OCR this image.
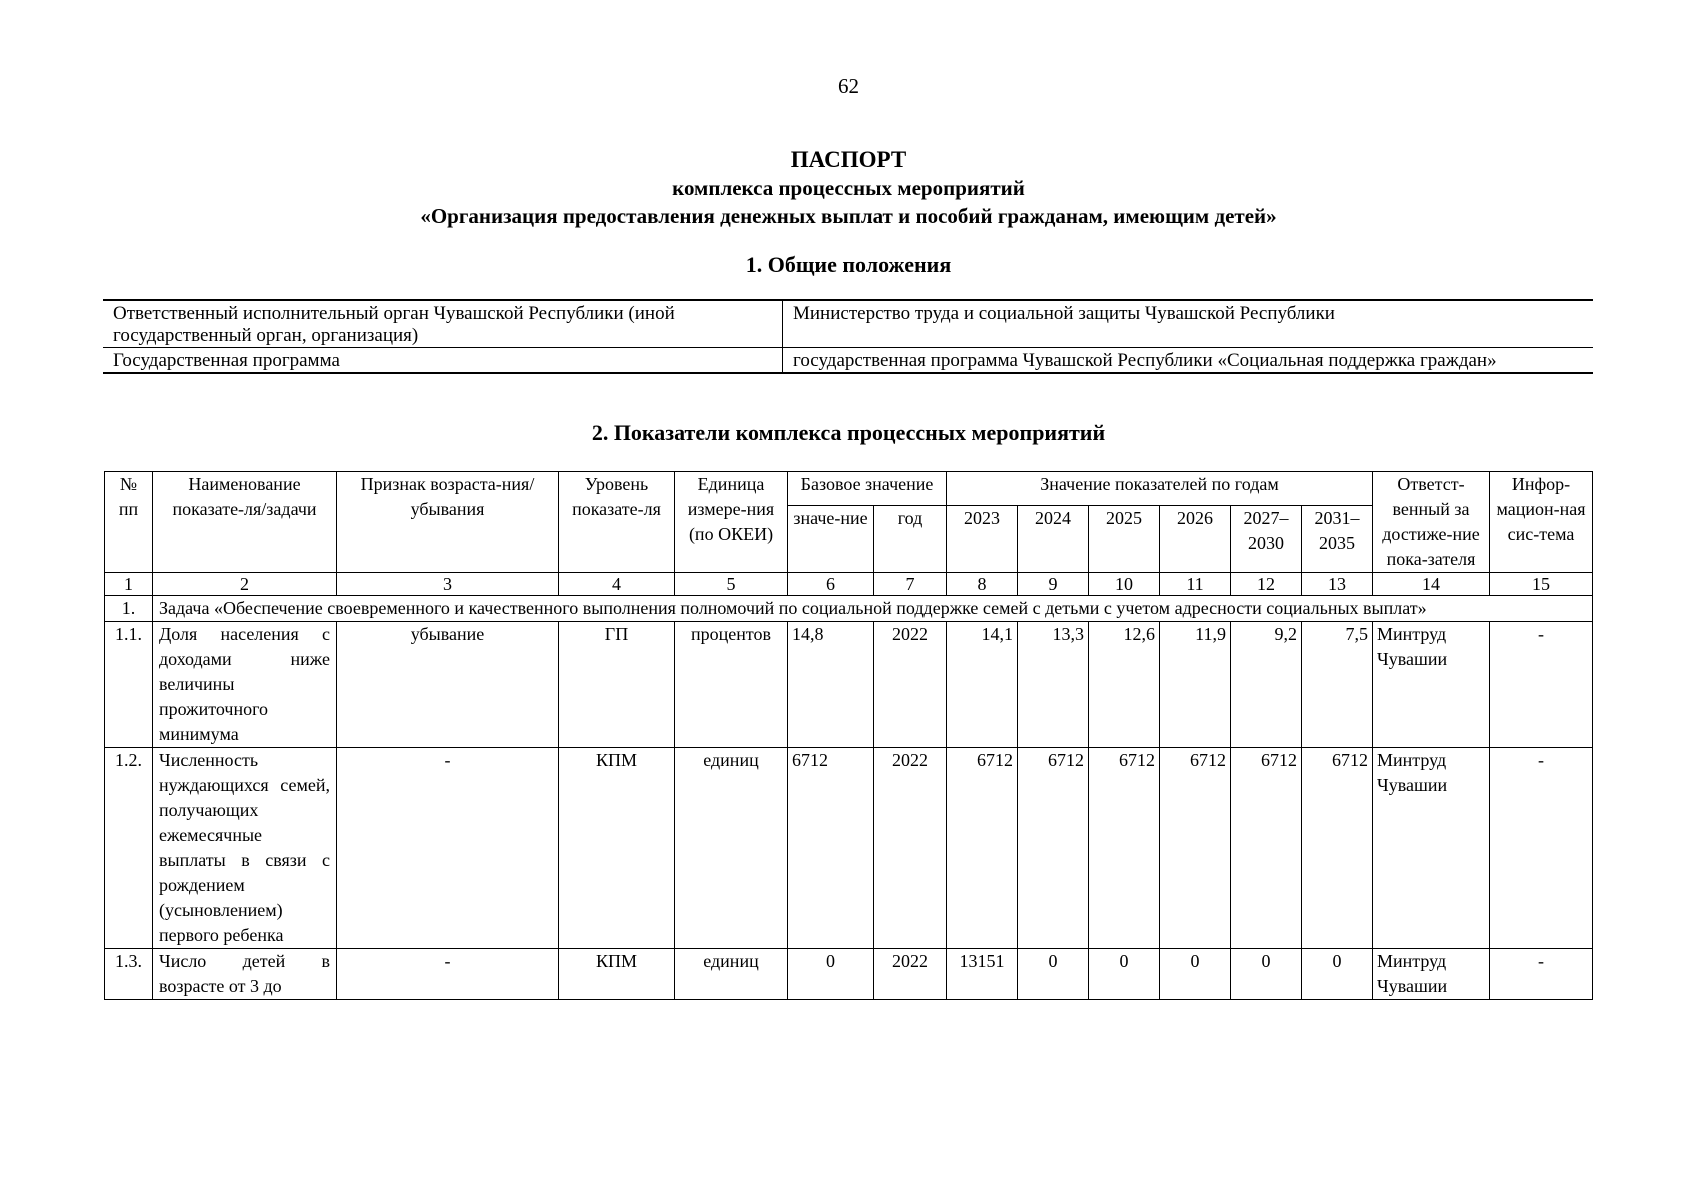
62
ПАСПОРТ
комплекса процессных мероприятий
«Организация предоставления денежных выплат и пособий гражданам, имеющим детей»
1. Общие положения
Ответственный исполнительный орган Чувашской Республики (иной государственный орган, организация)	Министерство труда и социальной защиты Чувашской Республики
Государственная программа	государственная программа Чувашской Республики «Социальная поддержка граждан»
2. Показатели комплекса процессных мероприятий
№ пп	Наименование показате-ля/задачи	Признак возраста-ния/убывания	Уровень показате-ля	Единица измере-ния (по ОКЕИ)	Базовое значение		Значение показателей по годам						Ответст-венный за достиже-ние пока-зателя	Инфор-мацион-ная сис-тема
					значе-ние	год	2023	2024	2025	2026	2027–2030	2031–2035		
1	2	3	4	5	6	7	8	9	10	11	12	13	14	15
1.	Задача «Обеспечение своевременного и качественного выполнения полномочий по социальной поддержке семей с детьми с учетом адресности социальных выплат»													
1.1.	Доля населения с доходами ниже величины прожиточного минимума	убывание	ГП	процентов	14,8	2022	14,1	13,3	12,6	11,9	9,2	7,5	Минтруд Чувашии	-
1.2.	Численность нуждающихся семей, получающих ежемесячные выплаты в связи с рождением (усыновлением) первого ребенка	-	КПМ	единиц	6712	2022	6712	6712	6712	6712	6712	6712	Минтруд Чувашии	-
1.3.	Число детей в возрасте от 3 до	-	КПМ	единиц	0	2022	13151	0	0	0	0	0	Минтруд Чувашии	-
